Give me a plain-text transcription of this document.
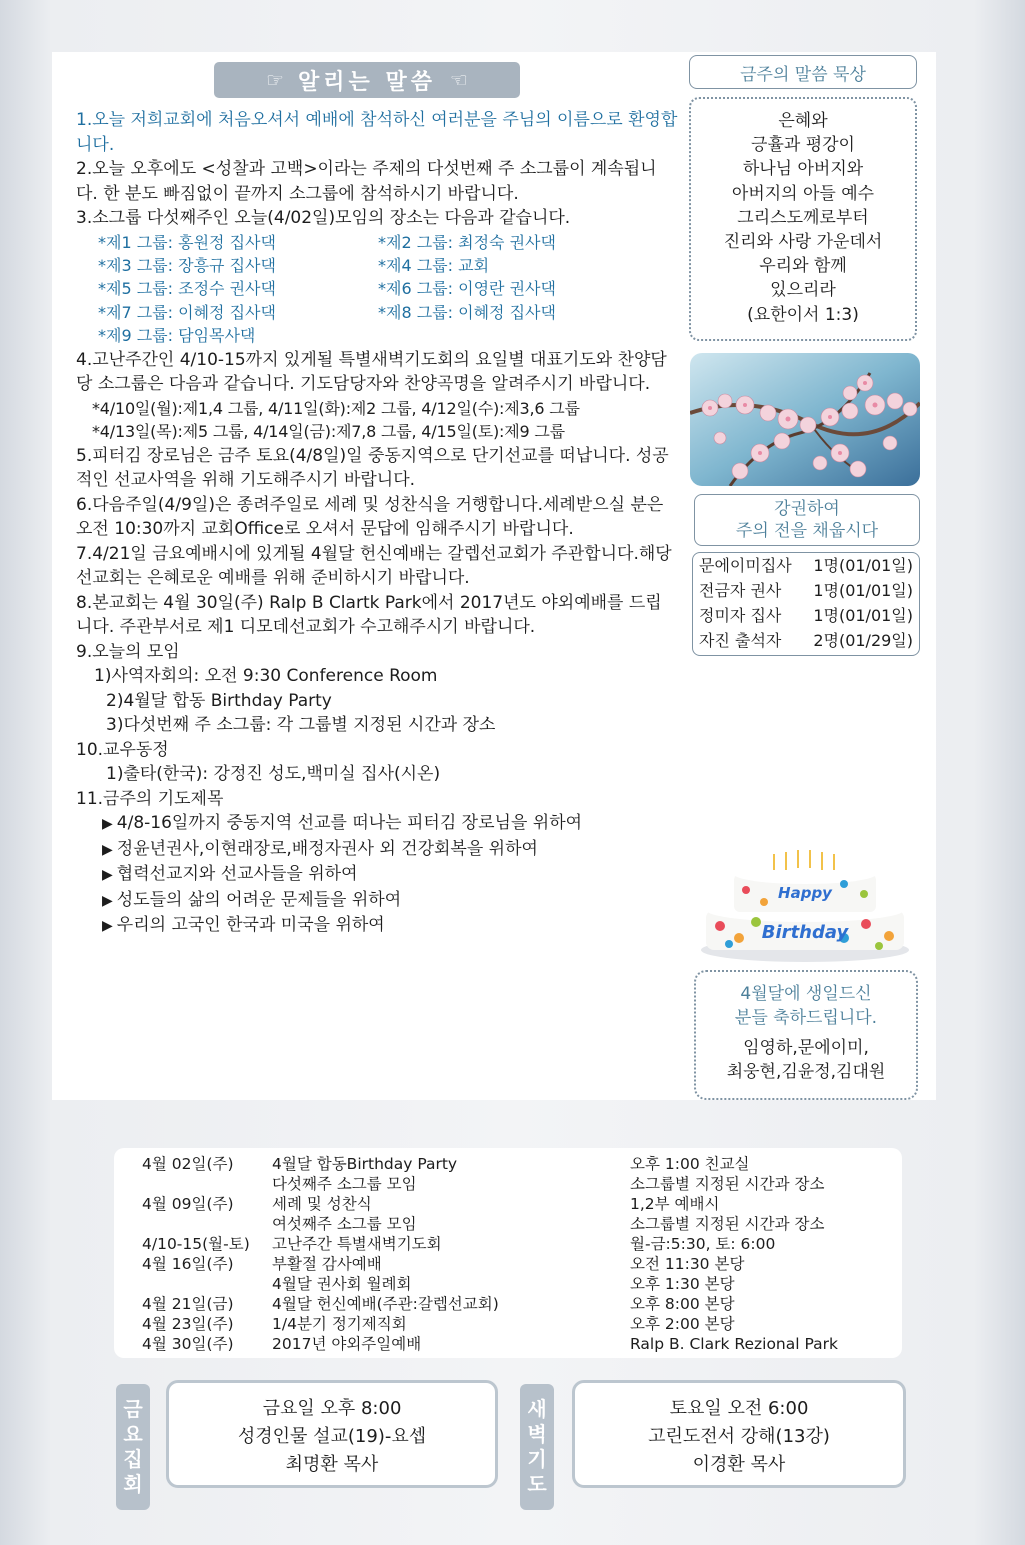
☞ 알리는 말씀 ☜

1.오늘 저희교회에 처음오셔서 예배에 참석하신 여러분을 주님의 이름으로 환영합니다.

2.오늘 오후에도 <성찰과 고백>이라는 주제의 다섯번째 주 소그룹이 계속됩니다. 한 분도 빠짐없이 끝까지 소그룹에 참석하시기 바랍니다.

3.소그룹 다섯째주인 오늘(4/02일)모임의 장소는 다음과 같습니다.

*제1 그룹: 홍원정 집사댁	*제2 그룹: 최정숙 권사댁
*제3 그룹: 장흥규 집사댁	*제4 그룹: 교회
*제5 그룹: 조정수 권사댁	*제6 그룹: 이영란 권사댁
*제7 그룹: 이혜정 집사댁	*제8 그룹: 이혜정 집사댁
*제9 그룹: 담임목사댁

4.고난주간인 4/10-15까지 있게될 특별새벽기도회의 요일별 대표기도와 찬양담당 소그룹은 다음과 같습니다. 기도담당자와 찬양곡명을 알려주시기 바랍니다.

*4/10일(월):제1,4 그룹, 4/11일(화):제2 그룹, 4/12일(수):제3,6 그룹
*4/13일(목):제5 그룹, 4/14일(금):제7,8 그룹, 4/15일(토):제9 그룹

5.피터김 장로님은 금주 토요(4/8일)일 중동지역으로 단기선교를 떠납니다. 성공적인 선교사역을 위해 기도해주시기 바랍니다.

6.다음주일(4/9일)은 종려주일로 세례 및 성찬식을 거행합니다.세례받으실 분은 오전 10:30까지 교회Office로 오셔서 문답에 임해주시기 바랍니다.

7.4/21일 금요예배시에 있게될 4월달 헌신예배는 갈렙선교회가 주관합니다.해당선교회는 은혜로운 예배를 위해 준비하시기 바랍니다.

8.본교회는 4월 30일(주) Ralp B Clartk Park에서 2017년도 야외예배를 드립니다. 주관부서로 제1 디모데선교회가 수고해주시기 바랍니다.

9.오늘의 모임

1)사역자회의: 오전 9:30 Conference Room
2)4월달 합동 Birthday Party
3)다섯번째 주 소그룹: 각 그룹별 지정된 시간과 장소

10.교우동정

1)출타(한국): 강정진 성도,백미실 집사(시온)

11.금주의 기도제목

▶ 4/8-16일까지 중동지역 선교를 떠나는 피터김 장로님을 위하여
▶ 정윤년권사,이현래장로,배정자권사 외 건강회복을 위하여
▶ 협력선교지와 선교사들을 위하여
▶ 성도들의 삶의 어려운 문제들을 위하여
▶ 우리의 고국인 한국과 미국을 위하여
금주의 말씀 묵상
은혜와
긍휼과 평강이
하나님 아버지와
아버지의 아들 예수
그리스도께로부터
진리와 사랑 가운데서
우리와 함께
있으리라
(요한이서 1:3)
강권하여
주의 전을 채웁시다
문에이미집사 1명(01/01일)
전금자 권사 1명(01/01일)
정미자 집사 1명(01/01일)
자진 출석자 2명(01/29일)
Happy
Birthday
4월달에 생일드신
분들 축하드립니다.
임영하,문에이미,
최웅현,김윤정,김대원
4월 02일(주) 4월달 합동Birthday Party	오후 1:00 친교실
다섯째주 소그룹 모임	소그룹별 지정된 시간과 장소
4월 09일(주) 세례 및 성찬식	1,2부 예배시
여섯째주 소그룹 모임	소그룹별 지정된 시간과 장소
4/10-15(월-토) 고난주간 특별새벽기도회	월-금:5:30, 토: 6:00
4월 16일(주) 부활절 감사예배	오전 11:30 본당
4월달 권사회 월례회	오후 1:30 본당
4월 21일(금) 4월달 헌신예배(주관:갈렙선교회)	오후 8:00 본당
4월 23일(주) 1/4분기 정기제직회	오후 2:00 본당
4월 30일(주) 2017년 야외주일예배	Ralp B. Clark Rezional Park
금
요
집
회
금요일 오후 8:00
성경인물 설교(19)-요셉
최명환 목사
새
벽
기
도
토요일 오전 6:00
고린도전서 강해(13강)
이경환 목사
